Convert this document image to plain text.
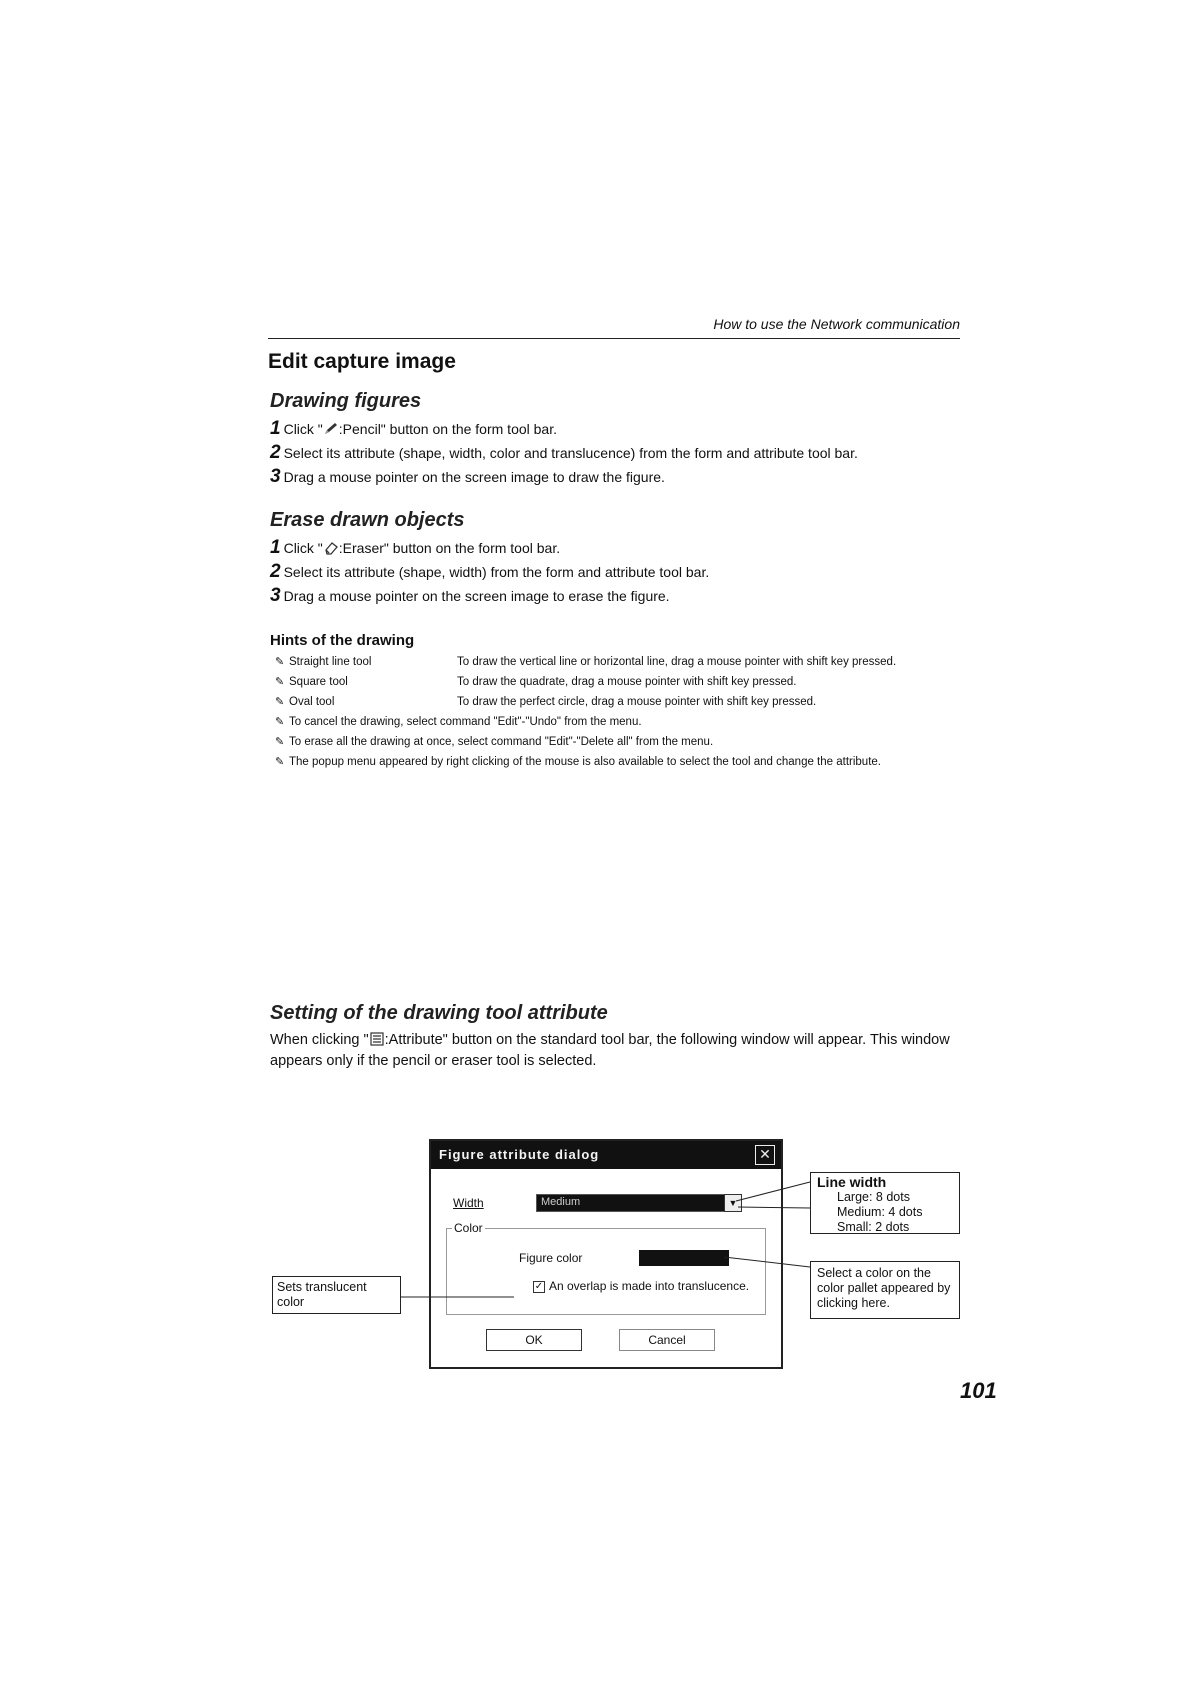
How to use the Network communication
Edit capture image
Drawing figures
1 Click " :Pencil" button on the form tool bar.
2 Select its attribute (shape, width, color and translucence) from the form and attribute tool bar.
3 Drag a mouse pointer on the screen image to draw the figure.
Erase drawn objects
1 Click " :Eraser" button on the form tool bar.
2 Select its attribute (shape, width) from the form and attribute tool bar.
3 Drag a mouse pointer on the screen image to erase the figure.
Hints of the drawing
✎ Straight line tool	To draw the vertical line or horizontal line, drag a mouse pointer with shift key pressed.
✎ Square tool	To draw the quadrate, drag a mouse pointer with shift key pressed.
✎ Oval tool	To draw the perfect circle, drag a mouse pointer with shift key pressed.
✎ To cancel the drawing, select command "Edit"-"Undo" from the menu.
✎ To erase all the drawing at once, select command "Edit"-"Delete all" from the menu.
✎ The popup menu appeared by right clicking of the mouse is also available to select the tool and change the attribute.
Setting of the drawing tool attribute
When clicking " :Attribute" button on the standard tool bar, the following window will appear. This window appears only if the pencil or eraser tool is selected.
Figure attribute dialog	✕
Width	Medium	▼
Color
Figure color
✓ An overlap is made into translucence.
OK	Cancel
Line width
Large: 8 dots
Medium: 4 dots
Small: 2 dots
Select a color on the color pallet appeared by clicking here.
Sets translucent color
101
